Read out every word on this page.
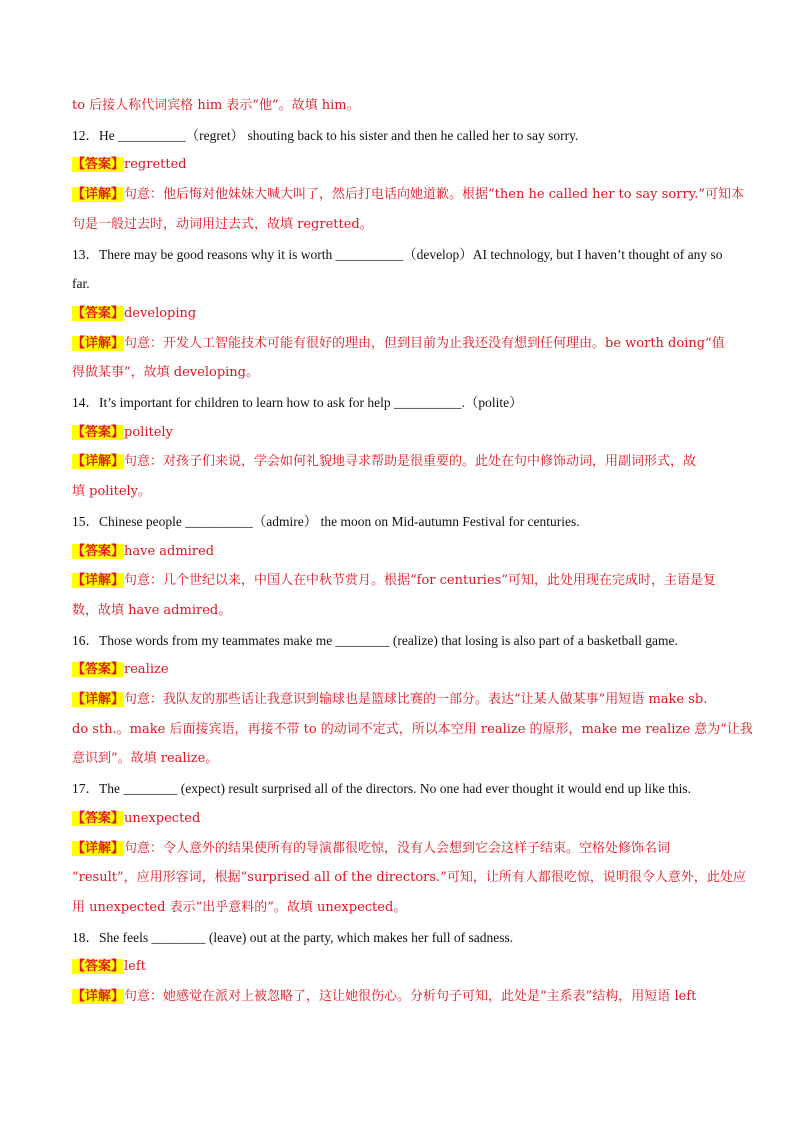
to 后接人称代词宾格 him 表示“他”。故填 him。
12．He __________（regret） shouting back to his sister and then he called her to say sorry.
【答案】regretted
【详解】句意：他后悔对他妹妹大喊大叫了，然后打电话向她道歉。根据“then he called her to say sorry.”可知本
句是一般过去时，动词用过去式，故填 regretted。
13．There may be good reasons why it is worth __________（develop）AI technology, but I haven’t thought of any so
far.
【答案】developing
【详解】句意：开发人工智能技术可能有很好的理由，但到目前为止我还没有想到任何理由。be worth doing“值
得做某事”，故填 developing。
14．It’s important for children to learn how to ask for help __________.（polite）
【答案】politely
【详解】句意：对孩子们来说，学会如何礼貌地寻求帮助是很重要的。此处在句中修饰动词，用副词形式，故
填 politely。
15．Chinese people __________（admire） the moon on Mid-autumn Festival for centuries.
【答案】have admired
【详解】句意：几个世纪以来，中国人在中秋节赏月。根据“for centuries”可知，此处用现在完成时，主语是复
数，故填 have admired。
16．Those words from my teammates make me ________ (realize) that losing is also part of a basketball game.
【答案】realize
【详解】句意：我队友的那些话让我意识到输球也是篮球比赛的一部分。表达“让某人做某事”用短语 make sb.
do sth.。make 后面接宾语，再接不带 to 的动词不定式，所以本空用 realize 的原形，make me realize 意为“让我
意识到”。故填 realize。
17．The ________ (expect) result surprised all of the directors. No one had ever thought it would end up like this.
【答案】unexpected
【详解】句意：令人意外的结果使所有的导演都很吃惊，没有人会想到它会这样子结束。空格处修饰名词
“result”，应用形容词，根据“surprised all of the directors.”可知，让所有人都很吃惊，说明很令人意外，此处应
用 unexpected 表示“出乎意料的”。故填 unexpected。
18．She feels ________ (leave) out at the party, which makes her full of sadness.
【答案】left
【详解】句意：她感觉在派对上被忽略了，这让她很伤心。分析句子可知，此处是“主系表”结构，用短语 left
